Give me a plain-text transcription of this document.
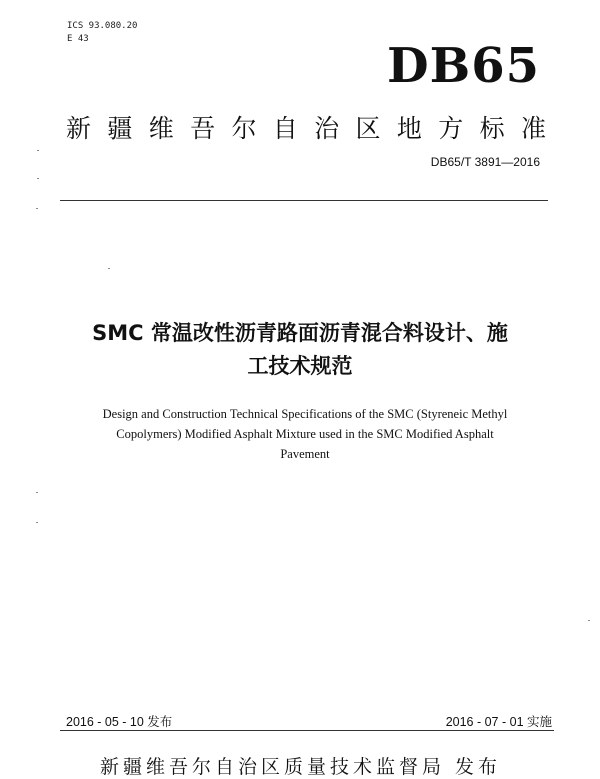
ICS 93.080.20
E 43	DB65
新疆维吾尔自治区地方标准
DB65/T 3891—2016
SMC 常温改性沥青路面沥青混合料设计、施
工技术规范
Design and Construction Technical Specifications of the SMC (Styreneic Methyl
Copolymers) Modified Asphalt Mixture used in the SMC Modified Asphalt
Pavement
2016 - 05 - 10 发布	2016 - 07 - 01 实施
新疆维吾尔自治区质量技术监督局 发布
